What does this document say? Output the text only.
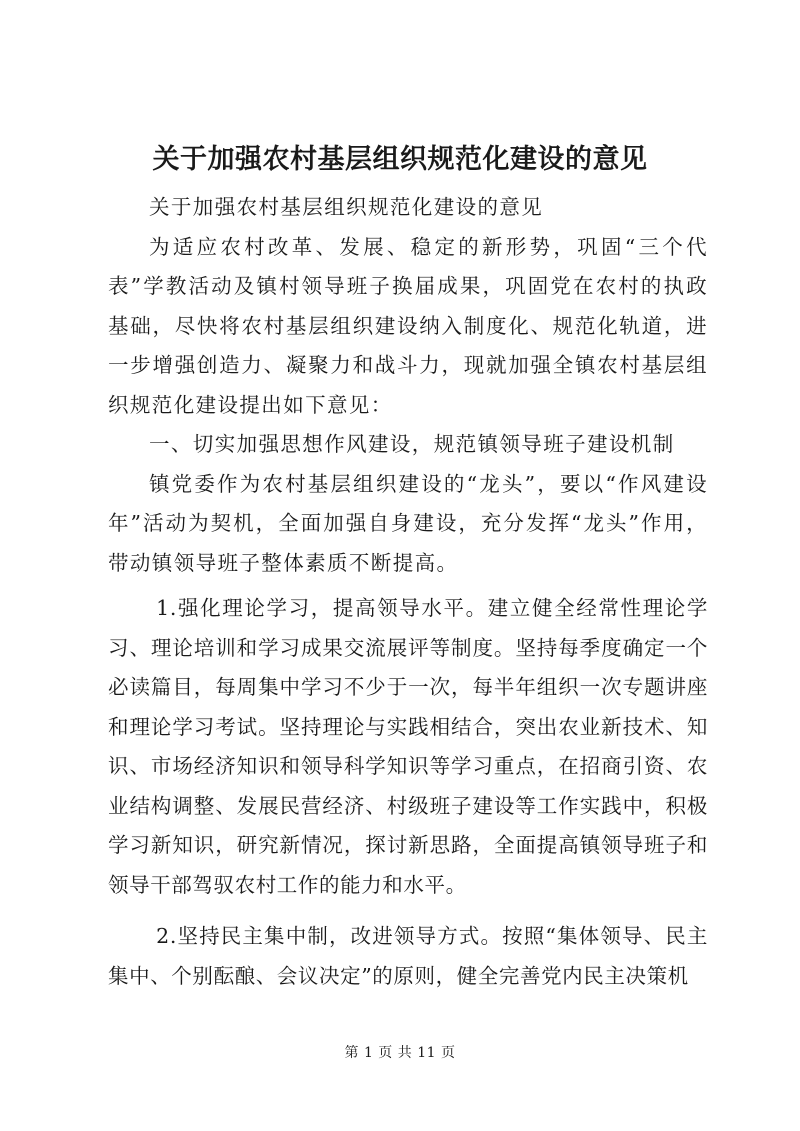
关于加强农村基层组织规范化建设的意见

关于加强农村基层组织规范化建设的意见

为适应农村改革、发展、稳定的新形势，巩固“三个代表”学教活动及镇村领导班子换届成果，巩固党在农村的执政基础，尽快将农村基层组织建设纳入制度化、规范化轨道，进一步增强创造力、凝聚力和战斗力，现就加强全镇农村基层组织规范化建设提出如下意见：

一、切实加强思想作风建设，规范镇领导班子建设机制

镇党委作为农村基层组织建设的“龙头”，要以“作风建设年”活动为契机，全面加强自身建设，充分发挥“龙头”作用，带动镇领导班子整体素质不断提高。

1.强化理论学习，提高领导水平。建立健全经常性理论学习、理论培训和学习成果交流展评等制度。坚持每季度确定一个必读篇目，每周集中学习不少于一次，每半年组织一次专题讲座和理论学习考试。坚持理论与实践相结合，突出农业新技术、知识、市场经济知识和领导科学知识等学习重点，在招商引资、农业结构调整、发展民营经济、村级班子建设等工作实践中，积极学习新知识，研究新情况，探讨新思路，全面提高镇领导班子和领导干部驾驭农村工作的能力和水平。

2.坚持民主集中制，改进领导方式。按照“集体领导、民主集中、个别酝酿、会议决定”的原则，健全完善党内民主决策机

第 1 页 共 11 页
